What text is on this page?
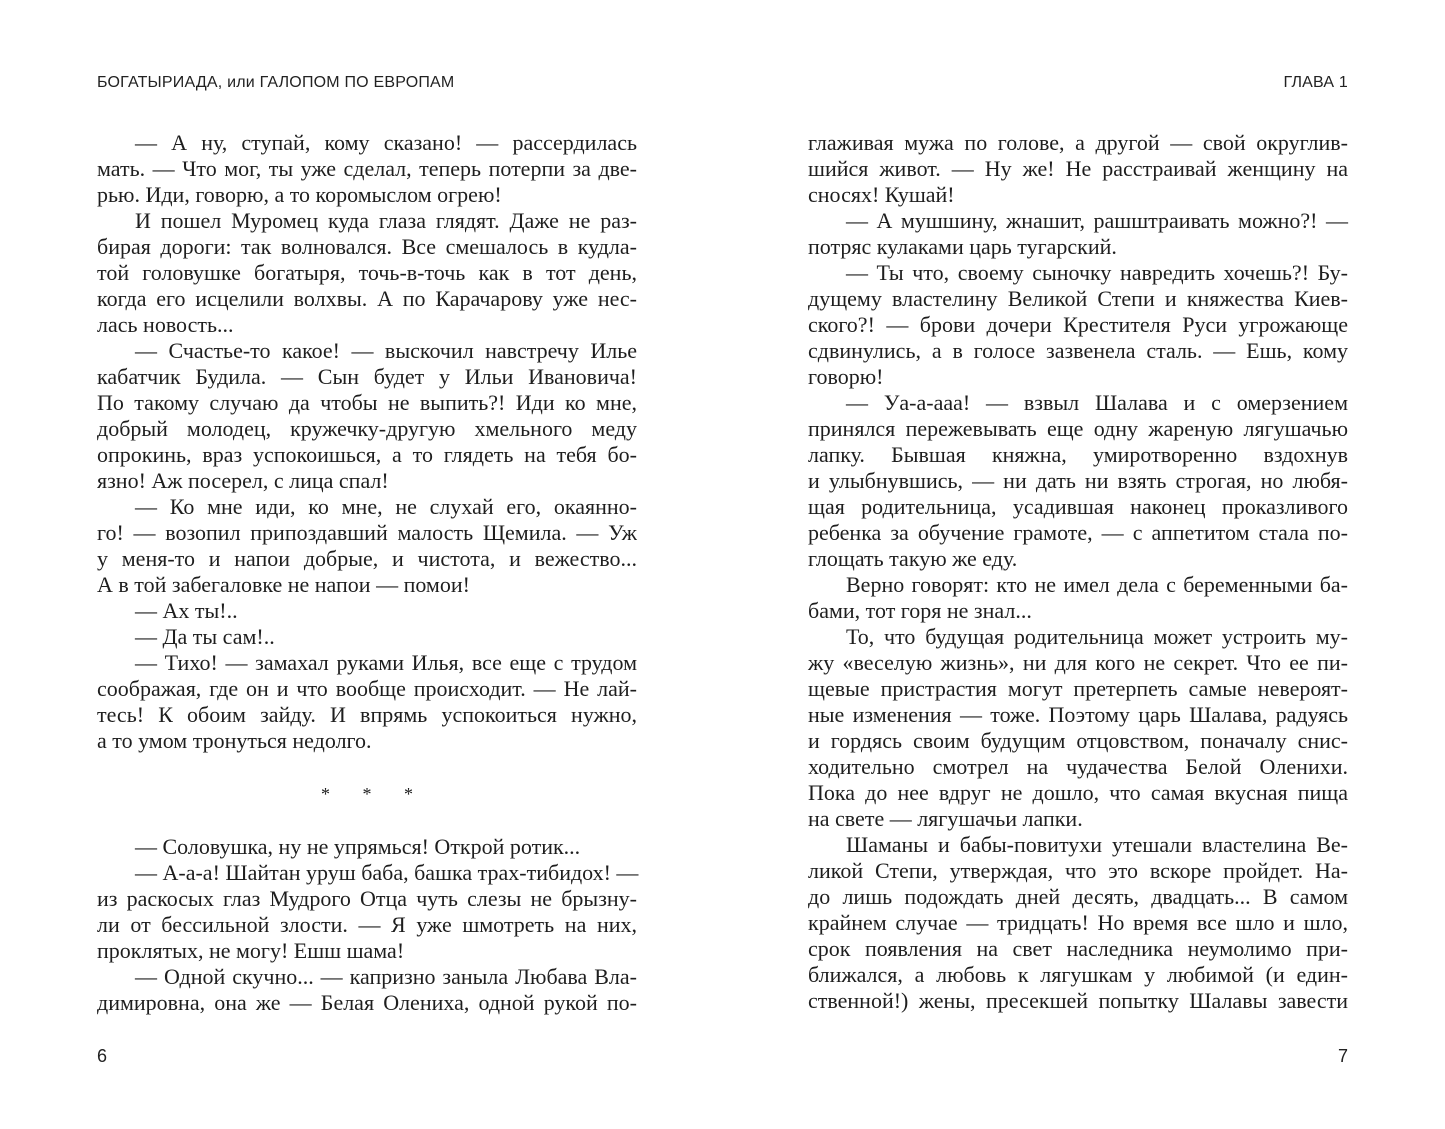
БОГАТЫРИАДА, или ГАЛОПОМ ПО ЕВРОПАМ
— А ну, ступай, кому сказано! — рассердилась
мать. — Что мог, ты уже сделал, теперь потерпи за две-
рью. Иди, говорю, а то коромыслом огрею!
И пошел Муромец куда глаза глядят. Даже не раз-
бирая дороги: так волновался. Все смешалось в кудла-
той головушке богатыря, точь-в-точь как в тот день,
когда его исцелили волхвы. А по Карачарову уже нес-
лась новость...
— Счастье-то какое! — выскочил навстречу Илье
кабатчик Будила. — Сын будет у Ильи Ивановича!
По такому случаю да чтобы не выпить?! Иди ко мне,
добрый молодец, кружечку-другую хмельного меду
опрокинь, враз успокоишься, а то глядеть на тебя бо-
язно! Аж посерел, с лица спал!
— Ко мне иди, ко мне, не слухай его, окаянно-
го! — возопил припоздавший малость Щемила. — Уж
у меня-то и напои добрые, и чистота, и вежество...
А в той забегаловке не напои — помои!
— Ах ты!..
— Да ты сам!..
— Тихо! — замахал руками Илья, все еще с трудом
соображая, где он и что вообще происходит. — Не лай-
тесь! К обоим зайду. И впрямь успокоиться нужно,
а то умом тронуться недолго.
* * *
— Соловушка, ну не упрямься! Открой ротик...
— А-а-а! Шайтан уруш баба, башка трах-тибидох! —
из раскосых глаз Мудрого Отца чуть слезы не брызну-
ли от бессильной злости. — Я уже шмотреть на них,
проклятых, не могу! Ешш шама!
— Одной скучно... — капризно заныла Любава Вла-
димировна, она же — Белая Олениха, одной рукой по-
6
ГЛАВА 1
глаживая мужа по голове, а другой — свой округлив-
шийся живот. — Ну же! Не расстраивай женщину на
сносях! Кушай!
— А мушшину, жнашит, рашштраивать можно?! —
потряс кулаками царь тугарский.
— Ты что, своему сыночку навредить хочешь?! Бу-
дущему властелину Великой Степи и княжества Киев-
ского?! — брови дочери Крестителя Руси угрожающе
сдвинулись, а в голосе зазвенела сталь. — Ешь, кому
говорю!
— Уа-а-ааа! — взвыл Шалава и с омерзением
принялся пережевывать еще одну жареную лягушачью
лапку. Бывшая княжна, умиротворенно вздохнув
и улыбнувшись, — ни дать ни взять строгая, но любя-
щая родительница, усадившая наконец проказливого
ребенка за обучение грамоте, — с аппетитом стала по-
глощать такую же еду.
Верно говорят: кто не имел дела с беременными ба-
бами, тот горя не знал...
То, что будущая родительница может устроить му-
жу «веселую жизнь», ни для кого не секрет. Что ее пи-
щевые пристрастия могут претерпеть самые невероят-
ные изменения — тоже. Поэтому царь Шалава, радуясь
и гордясь своим будущим отцовством, поначалу снис-
ходительно смотрел на чудачества Белой Оленихи.
Пока до нее вдруг не дошло, что самая вкусная пища
на свете — лягушачьи лапки.
Шаманы и бабы-повитухи утешали властелина Ве-
ликой Степи, утверждая, что это вскоре пройдет. На-
до лишь подождать дней десять, двадцать... В самом
крайнем случае — тридцать! Но время все шло и шло,
срок появления на свет наследника неумолимо при-
ближался, а любовь к лягушкам у любимой (и един-
ственной!) жены, пресекшей попытку Шалавы завести
7
